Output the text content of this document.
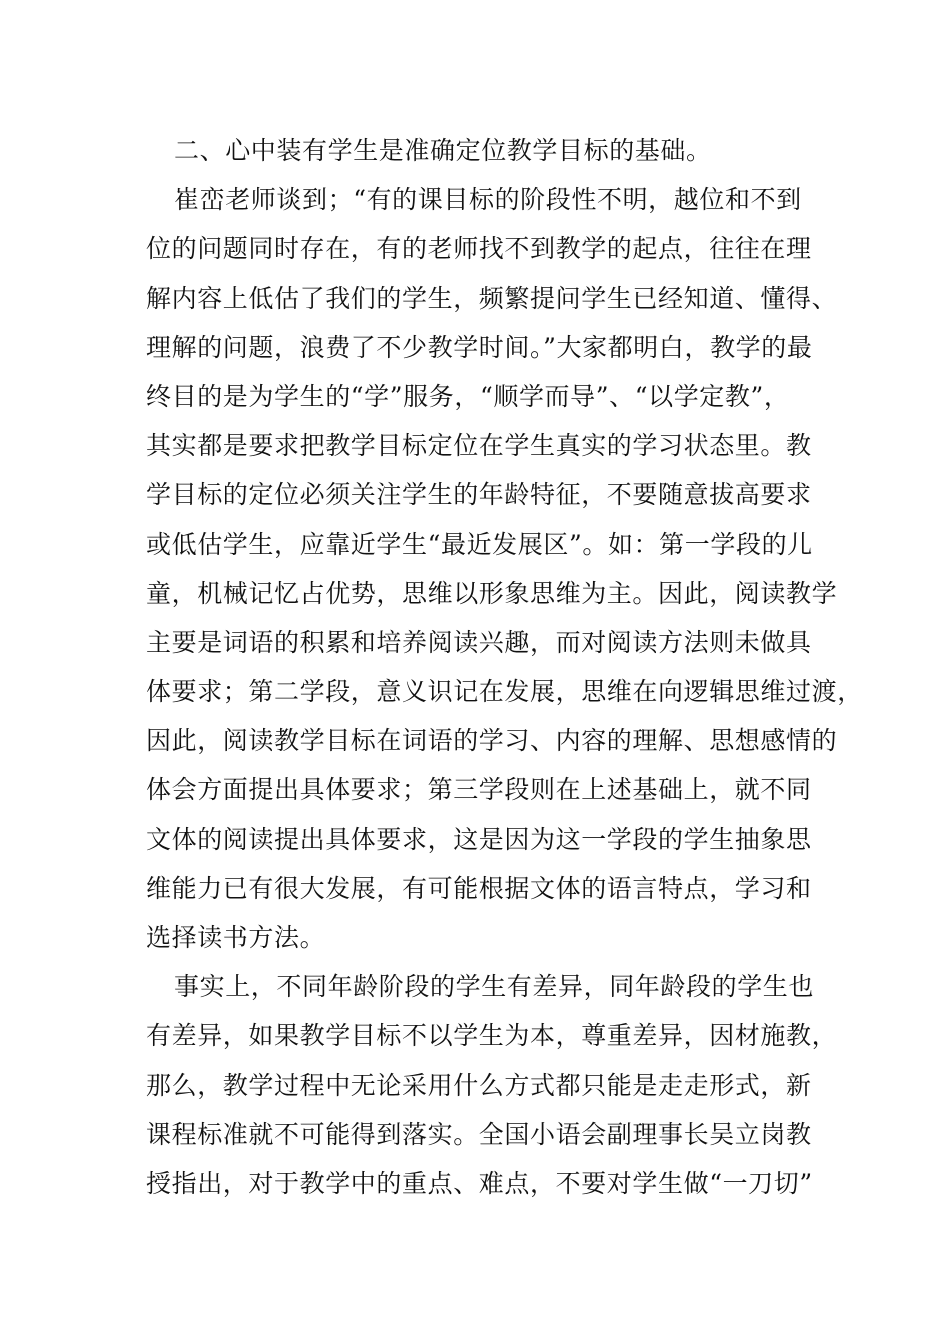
二、心中装有学生是准确定位教学目标的基础。
崔峦老师谈到；“有的课目标的阶段性不明，越位和不到
位的问题同时存在，有的老师找不到教学的起点，往往在理
解内容上低估了我们的学生，频繁提问学生已经知道、懂得、
理解的问题，浪费了不少教学时间。”大家都明白，教学的最
终目的是为学生的“学”服务，“顺学而导”、“以学定教”，
其实都是要求把教学目标定位在学生真实的学习状态里。教
学目标的定位必须关注学生的年龄特征，不要随意拔高要求
或低估学生，应靠近学生“最近发展区”。如：第一学段的儿
童，机械记忆占优势，思维以形象思维为主。因此，阅读教学
主要是词语的积累和培养阅读兴趣，而对阅读方法则未做具
体要求；第二学段，意义识记在发展，思维在向逻辑思维过渡，
因此，阅读教学目标在词语的学习、内容的理解、思想感情的
体会方面提出具体要求；第三学段则在上述基础上，就不同
文体的阅读提出具体要求，这是因为这一学段的学生抽象思
维能力已有很大发展，有可能根据文体的语言特点，学习和
选择读书方法。
事实上，不同年龄阶段的学生有差异，同年龄段的学生也
有差异，如果教学目标不以学生为本，尊重差异，因材施教，
那么，教学过程中无论采用什么方式都只能是走走形式，新
课程标准就不可能得到落实。全国小语会副理事长吴立岗教
授指出，对于教学中的重点、难点，不要对学生做“一刀切”
